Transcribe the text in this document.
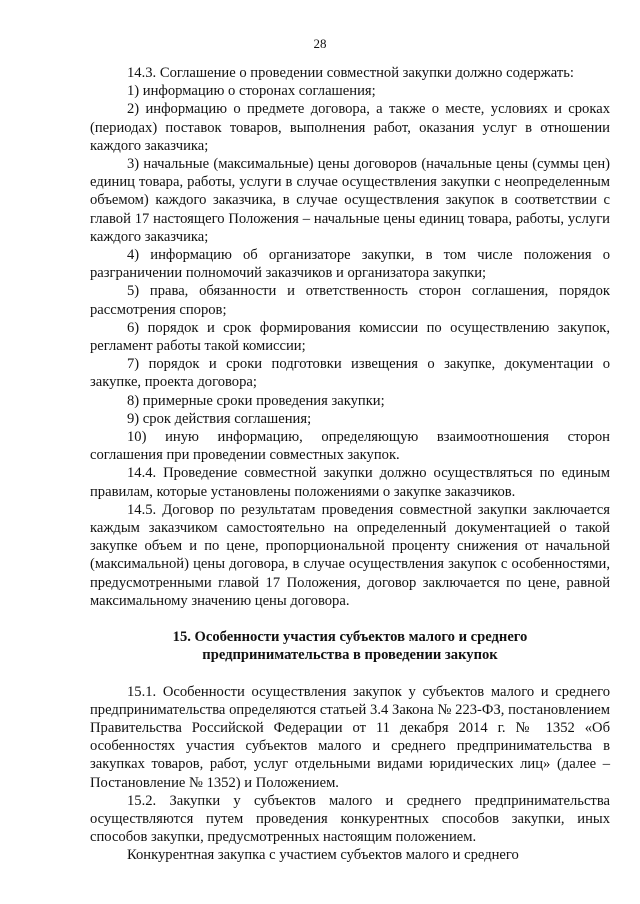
28

14.3. Соглашение о проведении совместной закупки должно содержать:

1) информацию о сторонах соглашения;

2) информацию о предмете договора, а также о месте, условиях и сроках (периодах) поставок товаров, выполнения работ, оказания услуг в отношении каждого заказчика;

3) начальные (максимальные) цены договоров (начальные цены (суммы цен) единиц товара, работы, услуги в случае осуществления закупки с неопределенным объемом) каждого заказчика, в случае осуществления закупок в соответствии с главой 17 настоящего Положения – начальные цены единиц товара, работы, услуги каждого заказчика;

4) информацию об организаторе закупки, в том числе положения о разграничении полномочий заказчиков и организатора закупки;

5) права, обязанности и ответственность сторон соглашения, порядок рассмотрения споров;

6) порядок и срок формирования комиссии по осуществлению закупок, регламент работы такой комиссии;

7) порядок и сроки подготовки извещения о закупке, документации о закупке, проекта договора;

8) примерные сроки проведения закупки;

9) срок действия соглашения;

10) иную информацию, определяющую взаимоотношения сторон соглашения при проведении совместных закупок.

14.4. Проведение совместной закупки должно осуществляться по единым правилам, которые установлены положениями о закупке заказчиков.

14.5. Договор по результатам проведения совместной закупки заключается каждым заказчиком самостоятельно на определенный документацией о такой закупке объем и по цене, пропорциональной проценту снижения от начальной (максимальной) цены договора, в случае осуществления закупок с особенностями, предусмотренными главой 17 Положения, договор заключается по цене, равной максимальному значению цены договора.

15. Особенности участия субъектов малого и среднего предпринимательства в проведении закупок

15.1. Особенности осуществления закупок у субъектов малого и среднего предпринимательства определяются статьей 3.4 Закона № 223-ФЗ, постановлением Правительства Российской Федерации от 11 декабря 2014 г. № 1352 «Об особенностях участия субъектов малого и среднего предпринимательства в закупках товаров, работ, услуг отдельными видами юридических лиц» (далее – Постановление № 1352) и Положением.

15.2. Закупки у субъектов малого и среднего предпринимательства осуществляются путем проведения конкурентных способов закупки, иных способов закупки, предусмотренных настоящим положением.

Конкурентная закупка с участием субъектов малого и среднего
